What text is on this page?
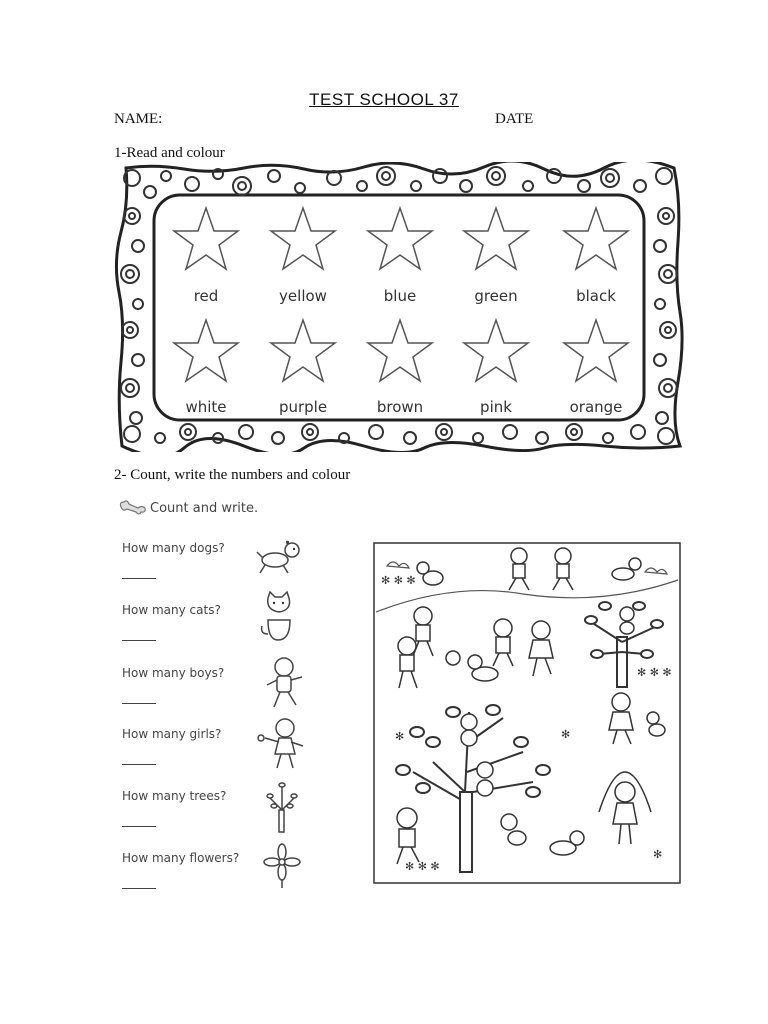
TEST SCHOOL 37
NAME:	DATE
1-Read and colour
red	yellow	blue	green	black
white	purple	brown	pink	orange
2- Count, write the numbers and colour
Count and write.
How many dogs?
How many cats?
How many boys?
How many girls?
How many trees?
How many flowers?
✻ ✻ ✻
✻ ✻ ✻
✻
✻ ✻ ✻
✻
✻
